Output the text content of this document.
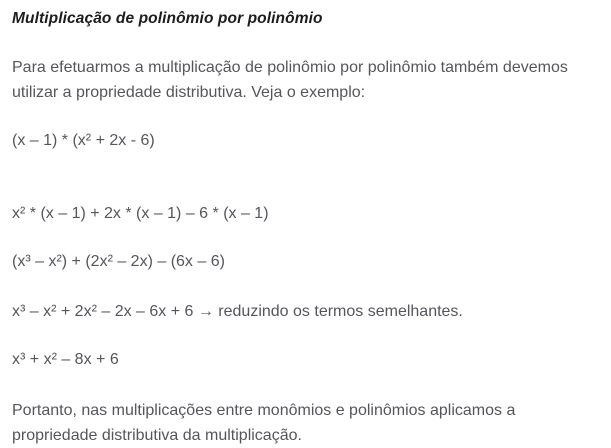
Multiplicação de polinômio por polinômio

Para efetuarmos a multiplicação de polinômio por polinômio também devemos utilizar a propriedade distributiva. Veja o exemplo:

(x – 1) * (x² + 2x - 6)

x² * (x – 1) + 2x * (x – 1) – 6 * (x – 1)

(x³ – x²) + (2x² – 2x) – (6x – 6)

x³ – x² + 2x² – 2x – 6x + 6 → reduzindo os termos semelhantes.

x³ + x² – 8x + 6

Portanto, nas multiplicações entre monômios e polinômios aplicamos a propriedade distributiva da multiplicação.
